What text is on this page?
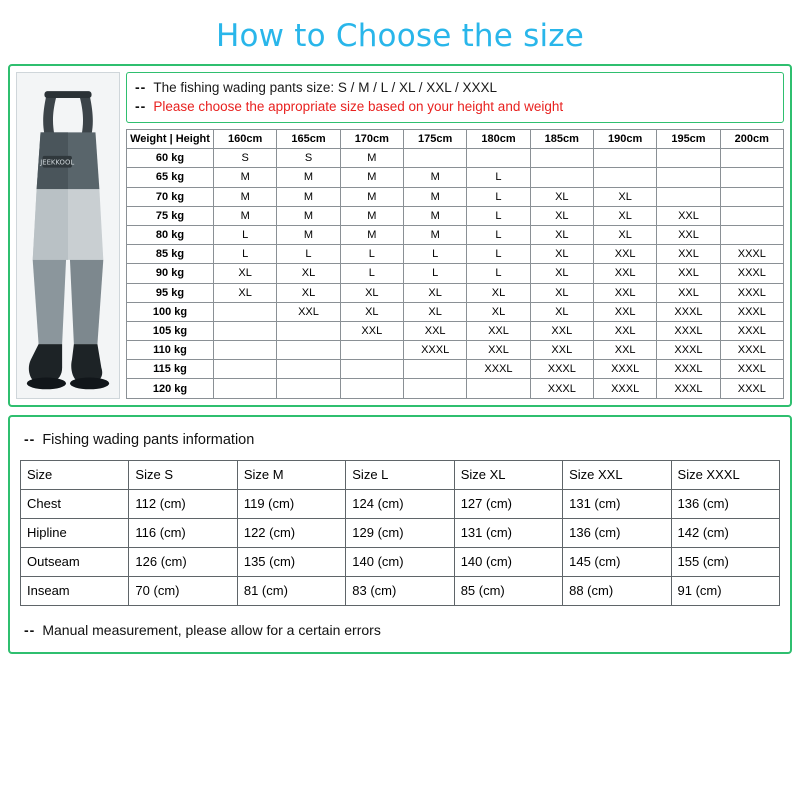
How to Choose the size
JEEKKOOL
-- The fishing wading pants size: S / M / L / XL / XXL / XXXL
-- Please choose the appropriate size based on your height and weight
Weight | Height	160cm	165cm	170cm	175cm	180cm	185cm	190cm	195cm	200cm
60 kg	S	S	M						
65 kg	M	M	M	M	L				
70 kg	M	M	M	M	L	XL	XL		
75 kg	M	M	M	M	L	XL	XL	XXL	
80 kg	L	M	M	M	L	XL	XL	XXL	
85 kg	L	L	L	L	L	XL	XXL	XXL	XXXL
90 kg	XL	XL	L	L	L	XL	XXL	XXL	XXXL
95 kg	XL	XL	XL	XL	XL	XL	XXL	XXL	XXXL
100 kg		XXL	XL	XL	XL	XL	XXL	XXXL	XXXL
105 kg			XXL	XXL	XXL	XXL	XXL	XXXL	XXXL
110 kg				XXXL	XXL	XXL	XXL	XXXL	XXXL
115 kg					XXXL	XXXL	XXXL	XXXL	XXXL
120 kg						XXXL	XXXL	XXXL	XXXL
-- Fishing wading pants information
Size	Size S	Size M	Size L	Size XL	Size XXL	Size XXXL
Chest	112 (cm)	119 (cm)	124 (cm)	127 (cm)	131 (cm)	136 (cm)
Hipline	116 (cm)	122 (cm)	129 (cm)	131 (cm)	136 (cm)	142 (cm)
Outseam	126 (cm)	135 (cm)	140 (cm)	140 (cm)	145 (cm)	155 (cm)
Inseam	70 (cm)	81 (cm)	83 (cm)	85 (cm)	88 (cm)	91 (cm)
-- Manual measurement, please allow for a certain errors
